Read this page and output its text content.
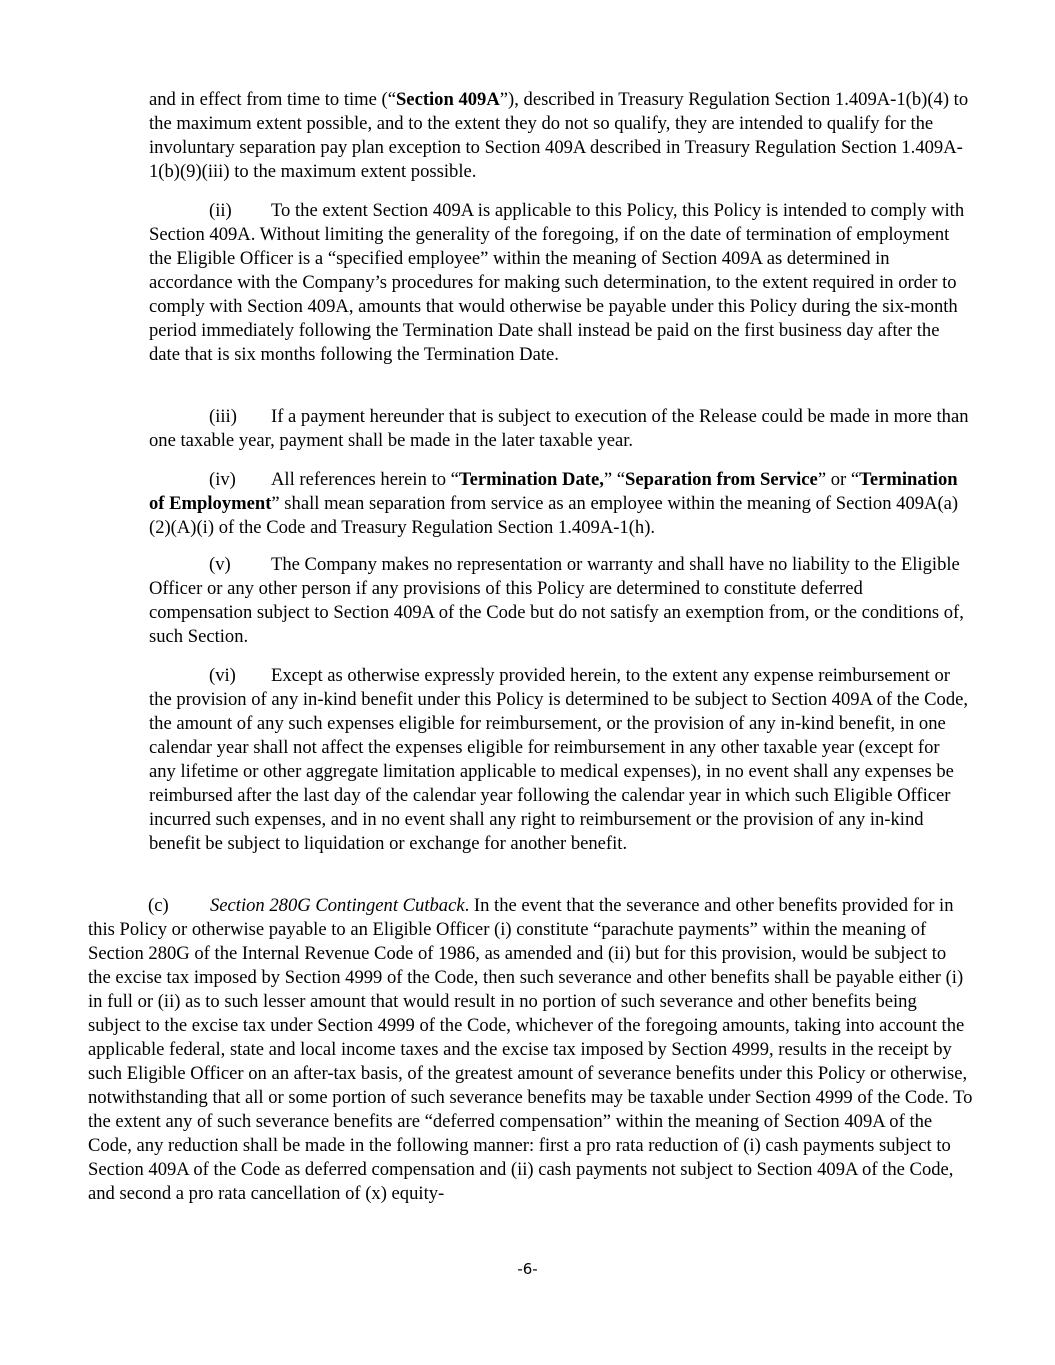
and in effect from time to time (“Section 409A”), described in Treasury Regulation Section 1.409A-1(b)(4) to the maximum extent possible, and to the extent they do not so qualify, they are intended to qualify for the involuntary separation pay plan exception to Section 409A described in Treasury Regulation Section 1.409A-1(b)(9)(iii) to the maximum extent possible.

(ii) To the extent Section 409A is applicable to this Policy, this Policy is intended to comply with Section 409A. Without limiting the generality of the foregoing, if on the date of termination of employment the Eligible Officer is a “specified employee” within the meaning of Section 409A as determined in accordance with the Company’s procedures for making such determination, to the extent required in order to comply with Section 409A, amounts that would otherwise be payable under this Policy during the six-month period immediately following the Termination Date shall instead be paid on the first business day after the date that is six months following the Termination Date.

(iii) If a payment hereunder that is subject to execution of the Release could be made in more than one taxable year, payment shall be made in the later taxable year.

(iv) All references herein to “Termination Date,” “Separation from Service” or “Termination of Employment” shall mean separation from service as an employee within the meaning of Section 409A(a)(2)(A)(i) of the Code and Treasury Regulation Section 1.409A-1(h).

(v) The Company makes no representation or warranty and shall have no liability to the Eligible Officer or any other person if any provisions of this Policy are determined to constitute deferred compensation subject to Section 409A of the Code but do not satisfy an exemption from, or the conditions of, such Section.

(vi) Except as otherwise expressly provided herein, to the extent any expense reimbursement or the provision of any in-kind benefit under this Policy is determined to be subject to Section 409A of the Code, the amount of any such expenses eligible for reimbursement, or the provision of any in-kind benefit, in one calendar year shall not affect the expenses eligible for reimbursement in any other taxable year (except for any lifetime or other aggregate limitation applicable to medical expenses), in no event shall any expenses be reimbursed after the last day of the calendar year following the calendar year in which such Eligible Officer incurred such expenses, and in no event shall any right to reimbursement or the provision of any in-kind benefit be subject to liquidation or exchange for another benefit.

(c) Section 280G Contingent Cutback. In the event that the severance and other benefits provided for in this Policy or otherwise payable to an Eligible Officer (i) constitute “parachute payments” within the meaning of Section 280G of the Internal Revenue Code of 1986, as amended and (ii) but for this provision, would be subject to the excise tax imposed by Section 4999 of the Code, then such severance and other benefits shall be payable either (i) in full or (ii) as to such lesser amount that would result in no portion of such severance and other benefits being subject to the excise tax under Section 4999 of the Code, whichever of the foregoing amounts, taking into account the applicable federal, state and local income taxes and the excise tax imposed by Section 4999, results in the receipt by such Eligible Officer on an after-tax basis, of the greatest amount of severance benefits under this Policy or otherwise, notwithstanding that all or some portion of such severance benefits may be taxable under Section 4999 of the Code. To the extent any of such severance benefits are “deferred compensation” within the meaning of Section 409A of the Code, any reduction shall be made in the following manner: first a pro rata reduction of (i) cash payments subject to Section 409A of the Code as deferred compensation and (ii) cash payments not subject to Section 409A of the Code, and second a pro rata cancellation of (x) equity-

-6-
